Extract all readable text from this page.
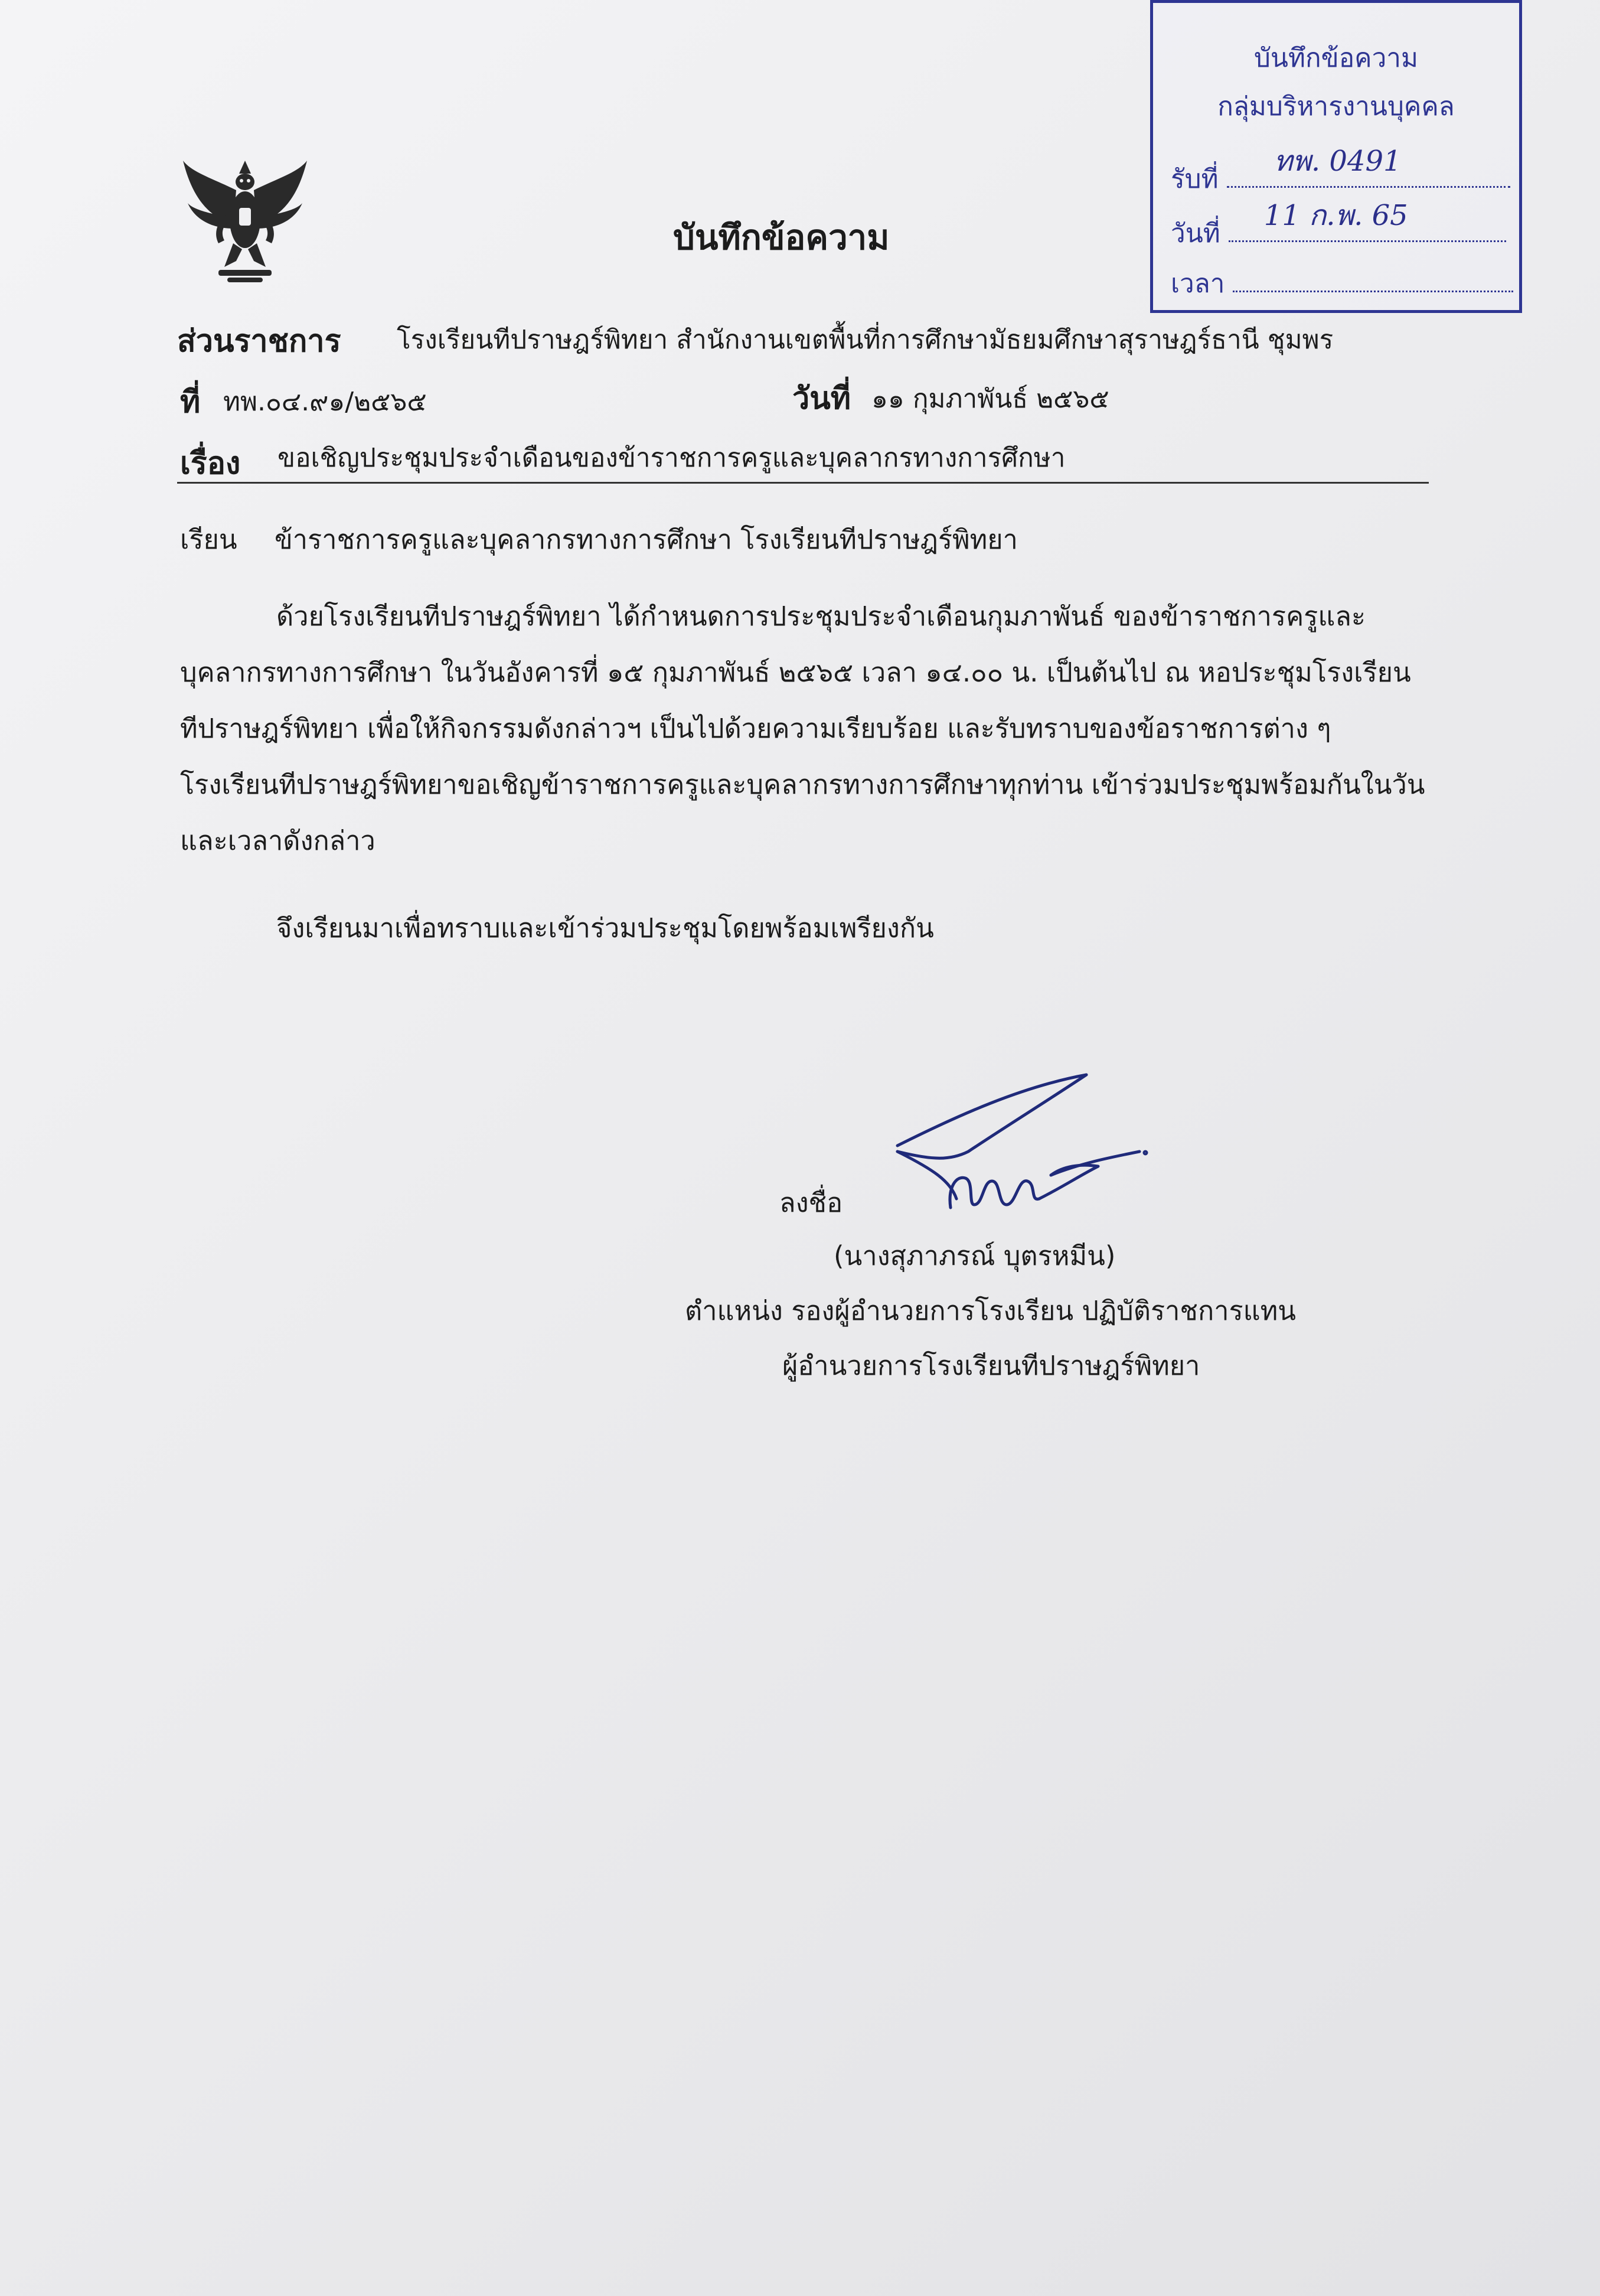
บันทึกข้อความ
บันทึกข้อความ
กลุ่มบริหารงานบุคคล
รับที่
ทพ. 0491
วันที่
11 ก.พ. 65
เวลา
ส่วนราชการ โรงเรียนทีปราษฎร์พิทยา สำนักงานเขตพื้นที่การศึกษามัธยมศึกษาสุราษฎร์ธานี ชุมพร
ที่ ทพ.๐๔.๙๑/๒๕๖๕	วันที่ ๑๑ กุมภาพันธ์ ๒๕๖๕
เรื่อง ขอเชิญประชุมประจำเดือนของข้าราชการครูและบุคลากรทางการศึกษา
เรียน ข้าราชการครูและบุคลากรทางการศึกษา โรงเรียนทีปราษฎร์พิทยา
ด้วยโรงเรียนทีปราษฎร์พิทยา ได้กำหนดการประชุมประจำเดือนกุมภาพันธ์ ของข้าราชการครูและ
บุคลากรทางการศึกษา ในวันอังคารที่ ๑๕ กุมภาพันธ์ ๒๕๖๕ เวลา ๑๔.๐๐ น. เป็นต้นไป ณ หอประชุมโรงเรียน
ทีปราษฎร์พิทยา เพื่อให้กิจกรรมดังกล่าวฯ เป็นไปด้วยความเรียบร้อย และรับทราบของข้อราชการต่าง ๆ
โรงเรียนทีปราษฎร์พิทยาขอเชิญข้าราชการครูและบุคลากรทางการศึกษาทุกท่าน เข้าร่วมประชุมพร้อมกันในวัน
และเวลาดังกล่าว
จึงเรียนมาเพื่อทราบและเข้าร่วมประชุมโดยพร้อมเพรียงกัน
ลงชื่อ
(นางสุภาภรณ์ บุตรหมีน)
ตำแหน่ง รองผู้อำนวยการโรงเรียน ปฏิบัติราชการแทน
ผู้อำนวยการโรงเรียนทีปราษฎร์พิทยา
